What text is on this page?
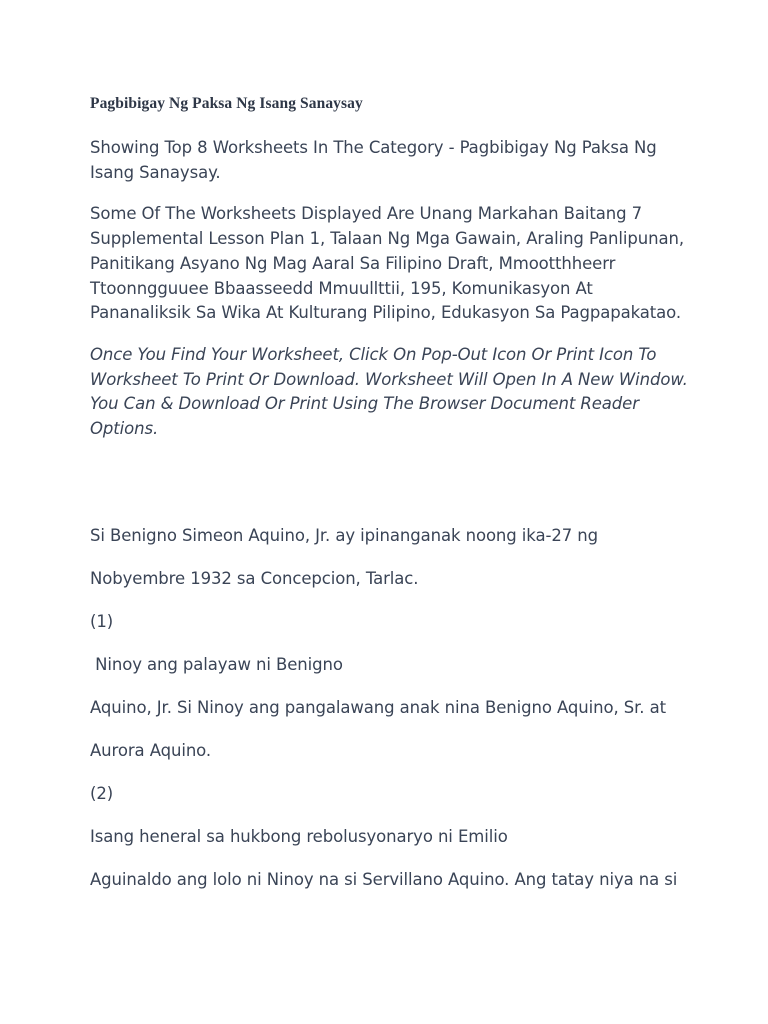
Pagbibigay Ng Paksa Ng Isang Sanaysay

Showing Top 8 Worksheets In The Category - Pagbibigay Ng Paksa Ng Isang Sanaysay.

Some Of The Worksheets Displayed Are Unang Markahan Baitang 7 Supplemental Lesson Plan 1, Talaan Ng Mga Gawain, Araling Panlipunan, Panitikang Asyano Ng Mag Aaral Sa Filipino Draft, Mmootthheerr Ttoonngguuee Bbaasseedd Mmuullttii, 195, Komunikasyon At Pananaliksik Sa Wika At Kulturang Pilipino, Edukasyon Sa Pagpapakatao.

Once You Find Your Worksheet, Click On Pop-Out Icon Or Print Icon To Worksheet To Print Or Download. Worksheet Will Open In A New Window. You Can & Download Or Print Using The Browser Document Reader Options.

Si Benigno Simeon Aquino, Jr. ay ipinanganak noong ika-27 ng

Nobyembre 1932 sa Concepcion, Tarlac.

(1)

Ninoy ang palayaw ni Benigno

Aquino, Jr. Si Ninoy ang pangalawang anak nina Benigno Aquino, Sr. at

Aurora Aquino.

(2)

Isang heneral sa hukbong rebolusyonaryo ni Emilio

Aguinaldo ang lolo ni Ninoy na si Servillano Aquino. Ang tatay niya na si
